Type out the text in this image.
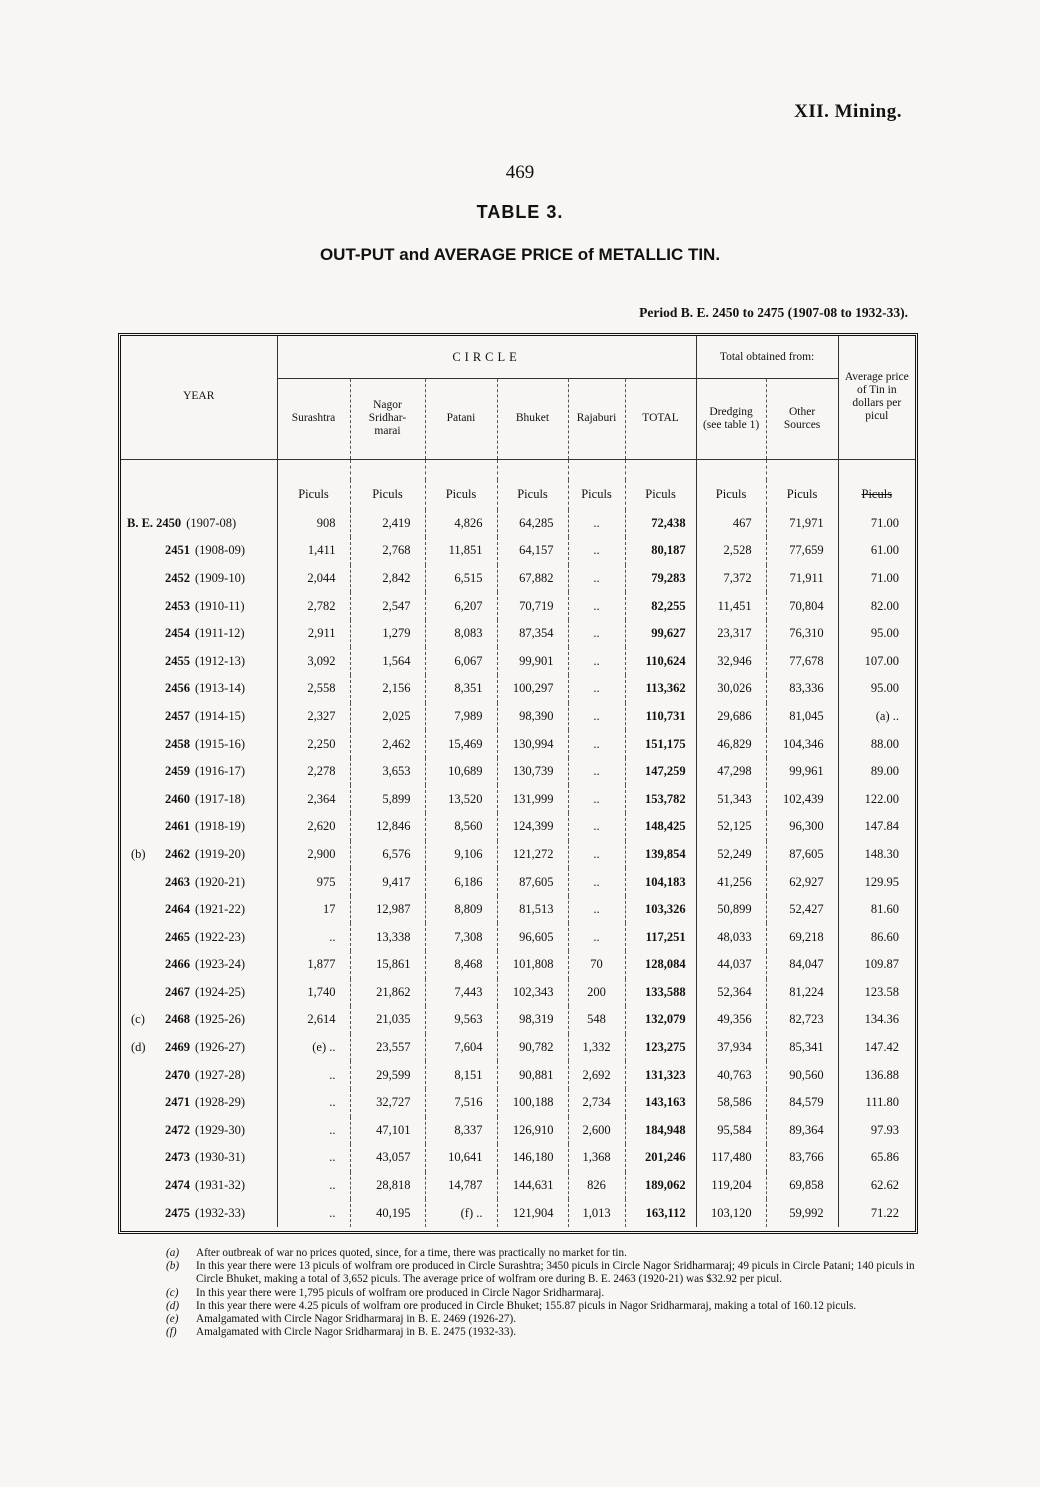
XII. Mining.
469
TABLE 3.
OUT-PUT and AVERAGE PRICE of METALLIC TIN.
Period B. E. 2450 to 2475 (1907-08 to 1932-33).
YEAR	CIRCLE						Total obtained from:		Average price of Tin in dollars per picul
	Surashtra	Nagor Sridhar- marai	Patani	Bhuket	Rajaburi	TOTAL	Dredging (see table 1)	Other Sources	

	Piculs	Piculs	Piculs	Piculs	Piculs	Piculs	Piculs	Piculs	Piculs
B. E. 2450 (1907-08)	908	2,419	4,826	64,285	..	72,438	467	71,971	71.00
2451 (1908-09)	1,411	2,768	11,851	64,157	..	80,187	2,528	77,659	61.00
2452 (1909-10)	2,044	2,842	6,515	67,882	..	79,283	7,372	71,911	71.00
2453 (1910-11)	2,782	2,547	6,207	70,719	..	82,255	11,451	70,804	82.00
2454 (1911-12)	2,911	1,279	8,083	87,354	..	99,627	23,317	76,310	95.00
2455 (1912-13)	3,092	1,564	6,067	99,901	..	110,624	32,946	77,678	107.00
2456 (1913-14)	2,558	2,156	8,351	100,297	..	113,362	30,026	83,336	95.00
2457 (1914-15)	2,327	2,025	7,989	98,390	..	110,731	29,686	81,045	(a) ..
2458 (1915-16)	2,250	2,462	15,469	130,994	..	151,175	46,829	104,346	88.00
2459 (1916-17)	2,278	3,653	10,689	130,739	..	147,259	47,298	99,961	89.00
2460 (1917-18)	2,364	5,899	13,520	131,999	..	153,782	51,343	102,439	122.00
2461 (1918-19)	2,620	12,846	8,560	124,399	..	148,425	52,125	96,300	147.84
(b) 2462 (1919-20)	2,900	6,576	9,106	121,272	..	139,854	52,249	87,605	148.30
2463 (1920-21)	975	9,417	6,186	87,605	..	104,183	41,256	62,927	129.95
2464 (1921-22)	17	12,987	8,809	81,513	..	103,326	50,899	52,427	81.60
2465 (1922-23)	..	13,338	7,308	96,605	..	117,251	48,033	69,218	86.60
2466 (1923-24)	1,877	15,861	8,468	101,808	70	128,084	44,037	84,047	109.87
2467 (1924-25)	1,740	21,862	7,443	102,343	200	133,588	52,364	81,224	123.58
(c) 2468 (1925-26)	2,614	21,035	9,563	98,319	548	132,079	49,356	82,723	134.36
(d) 2469 (1926-27)	(e) ..	23,557	7,604	90,782	1,332	123,275	37,934	85,341	147.42
2470 (1927-28)	..	29,599	8,151	90,881	2,692	131,323	40,763	90,560	136.88
2471 (1928-29)	..	32,727	7,516	100,188	2,734	143,163	58,586	84,579	111.80
2472 (1929-30)	..	47,101	8,337	126,910	2,600	184,948	95,584	89,364	97.93
2473 (1930-31)	..	43,057	10,641	146,180	1,368	201,246	117,480	83,766	65.86
2474 (1931-32)	..	28,818	14,787	144,631	826	189,062	119,204	69,858	62.62
2475 (1932-33)	..	40,195	(f) ..	121,904	1,013	163,112	103,120	59,992	71.22
(a)	After outbreak of war no prices quoted, since, for a time, there was practically no market for tin.
(b)	In this year there were 13 piculs of wolfram ore produced in Circle Surashtra; 3450 piculs in Circle Nagor Sridharmaraj; 49 piculs in Circle Patani; 140 piculs in Circle Bhuket, making a total of 3,652 piculs. The average price of wolfram ore during B. E. 2463 (1920-21) was $32.92 per picul.
(c)	In this year there were 1,795 piculs of wolfram ore produced in Circle Nagor Sridharmaraj.
(d)	In this year there were 4.25 piculs of wolfram ore produced in Circle Bhuket; 155.87 piculs in Nagor Sridharmaraj, making a total of 160.12 piculs.
(e)	Amalgamated with Circle Nagor Sridharmaraj in B. E. 2469 (1926-27).
(f)	Amalgamated with Circle Nagor Sridharmaraj in B. E. 2475 (1932-33).
